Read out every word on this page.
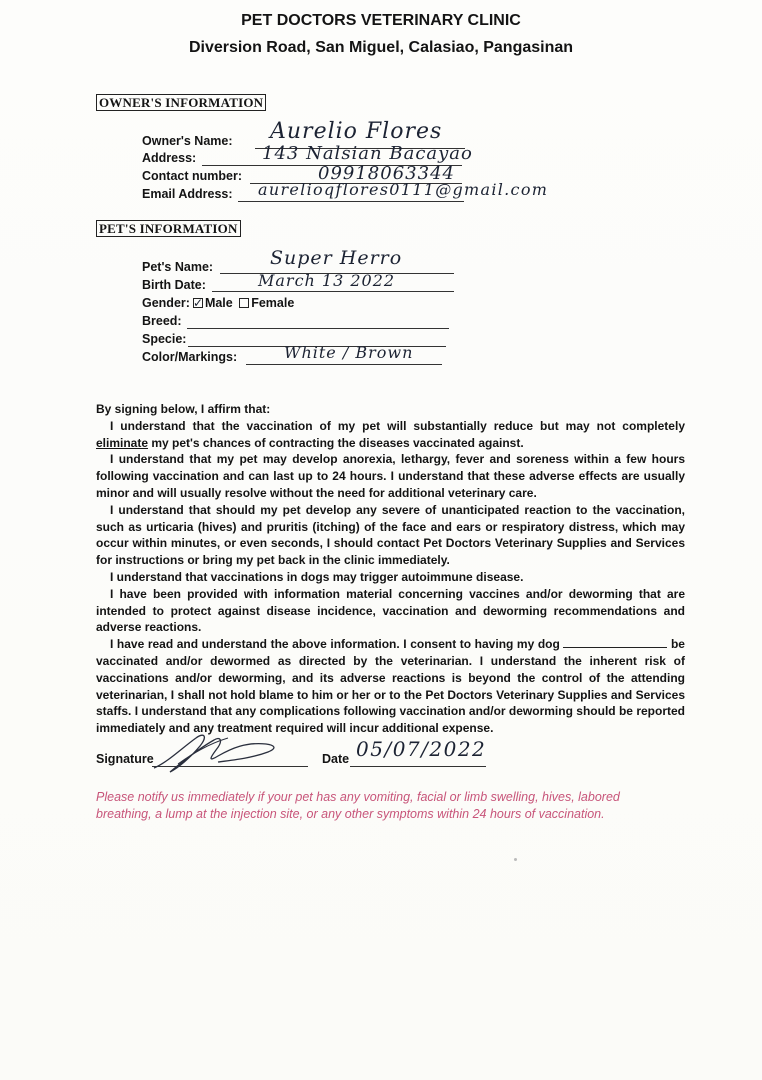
PET DOCTORS VETERINARY CLINIC
Diversion Road, San Miguel, Calasiao, Pangasinan
OWNER'S INFORMATION
Owner's Name: Aurelio Flores
Address:	143 Nalsian Bacayao
Contact number:	09918063344
Email Address: aurelioqflores0111@gmail.com
PET'S INFORMATION
Pet's Name:	Super Herro
Birth Date:	March 13 2022
Gender: ✓ Male Female
Breed:
Specie:
Color/Markings:	White / Brown

By signing below, I affirm that:

I understand that the vaccination of my pet will substantially reduce but may not completely eliminate my pet's chances of contracting the diseases vaccinated against.

I understand that my pet may develop anorexia, lethargy, fever and soreness within a few hours following vaccination and can last up to 24 hours. I understand that these adverse effects are usually minor and will usually resolve without the need for additional veterinary care.

I understand that should my pet develop any severe of unanticipated reaction to the vaccination, such as urticaria (hives) and pruritis (itching) of the face and ears or respiratory distress, which may occur within minutes, or even seconds, I should contact Pet Doctors Veterinary Supplies and Services for instructions or bring my pet back in the clinic immediately.

I understand that vaccinations in dogs may trigger autoimmune disease.

I have been provided with information material concerning vaccines and/or deworming that are intended to protect against disease incidence, vaccination and deworming recommendations and adverse reactions.

I have read and understand the above information. I consent to having my dog	be vaccinated and/or dewormed as directed by the veterinarian. I understand the inherent risk of vaccinations and/or deworming, and its adverse reactions is beyond the control of the attending veterinarian, I shall not hold blame to him or her or to the Pet Doctors Veterinary Supplies and Services staffs. I understand that any complications following vaccination and/or deworming should be reported immediately and any treatment required will incur additional expense.

Signature	Date 05/07/2022
Please notify us immediately if your pet has any vomiting, facial or limb swelling, hives, labored breathing, a lump at the injection site, or any other symptoms within 24 hours of vaccination.
